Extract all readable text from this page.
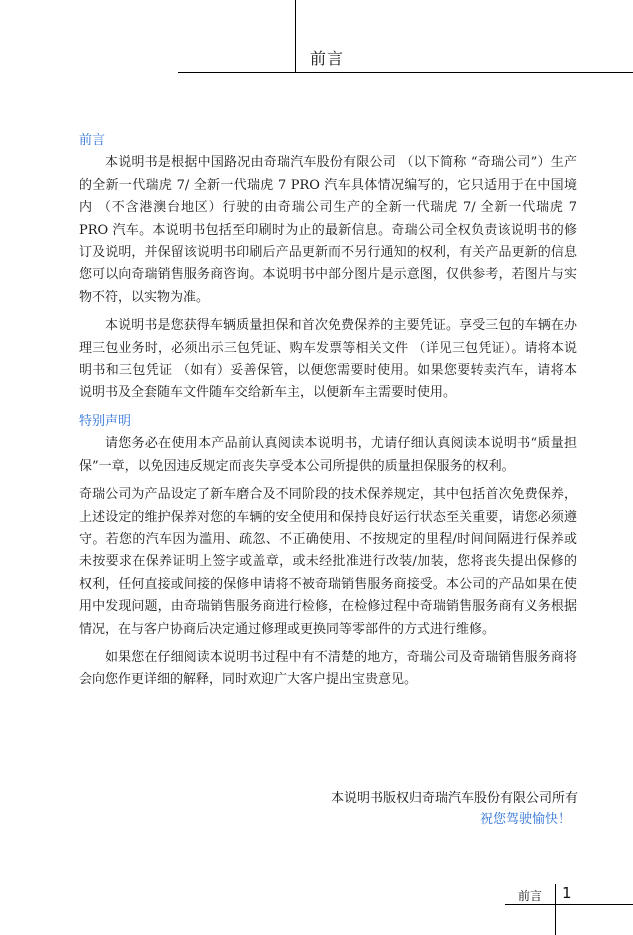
前言

前言

本说明书是根据中国路况由奇瑞汽车股份有限公司 （以下简称 “奇瑞公司”）生产的全新一代瑞虎 7/ 全新一代瑞虎 7 PRO 汽车具体情况编写的，它只适用于在中国境内 （不含港澳台地区）行驶的由奇瑞公司生产的全新一代瑞虎 7/ 全新一代瑞虎 7 PRO 汽车。本说明书包括至印刷时为止的最新信息。奇瑞公司全权负责该说明书的修订及说明，并保留该说明书印刷后产品更新而不另行通知的权利，有关产品更新的信息您可以向奇瑞销售服务商咨询。本说明书中部分图片是示意图，仅供参考，若图片与实物不符，以实物为准。

本说明书是您获得车辆质量担保和首次免费保养的主要凭证。享受三包的车辆在办理三包业务时，必须出示三包凭证、购车发票等相关文件 （详见三包凭证）。请将本说明书和三包凭证 （如有）妥善保管，以便您需要时使用。如果您要转卖汽车，请将本说明书及全套随车文件随车交给新车主，以便新车主需要时使用。

特别声明

请您务必在使用本产品前认真阅读本说明书，尤请仔细认真阅读本说明书“质量担保”一章，以免因违反规定而丧失享受本公司所提供的质量担保服务的权利。

奇瑞公司为产品设定了新车磨合及不同阶段的技术保养规定，其中包括首次免费保养，上述设定的维护保养对您的车辆的安全使用和保持良好运行状态至关重要，请您必须遵守。若您的汽车因为滥用、疏忽、不正确使用、不按规定的里程/时间间隔进行保养或未按要求在保养证明上签字或盖章，或未经批准进行改装/加装，您将丧失提出保修的权利，任何直接或间接的保修申请将不被奇瑞销售服务商接受。本公司的产品如果在使用中发现问题，由奇瑞销售服务商进行检修，在检修过程中奇瑞销售服务商有义务根据情况，在与客户协商后决定通过修理或更换同等零部件的方式进行维修。

如果您在仔细阅读本说明书过程中有不清楚的地方，奇瑞公司及奇瑞销售服务商将会向您作更详细的解释，同时欢迎广大客户提出宝贵意见。

本说明书版权归奇瑞汽车股份有限公司所有
祝您驾驶愉快！
前言 1
